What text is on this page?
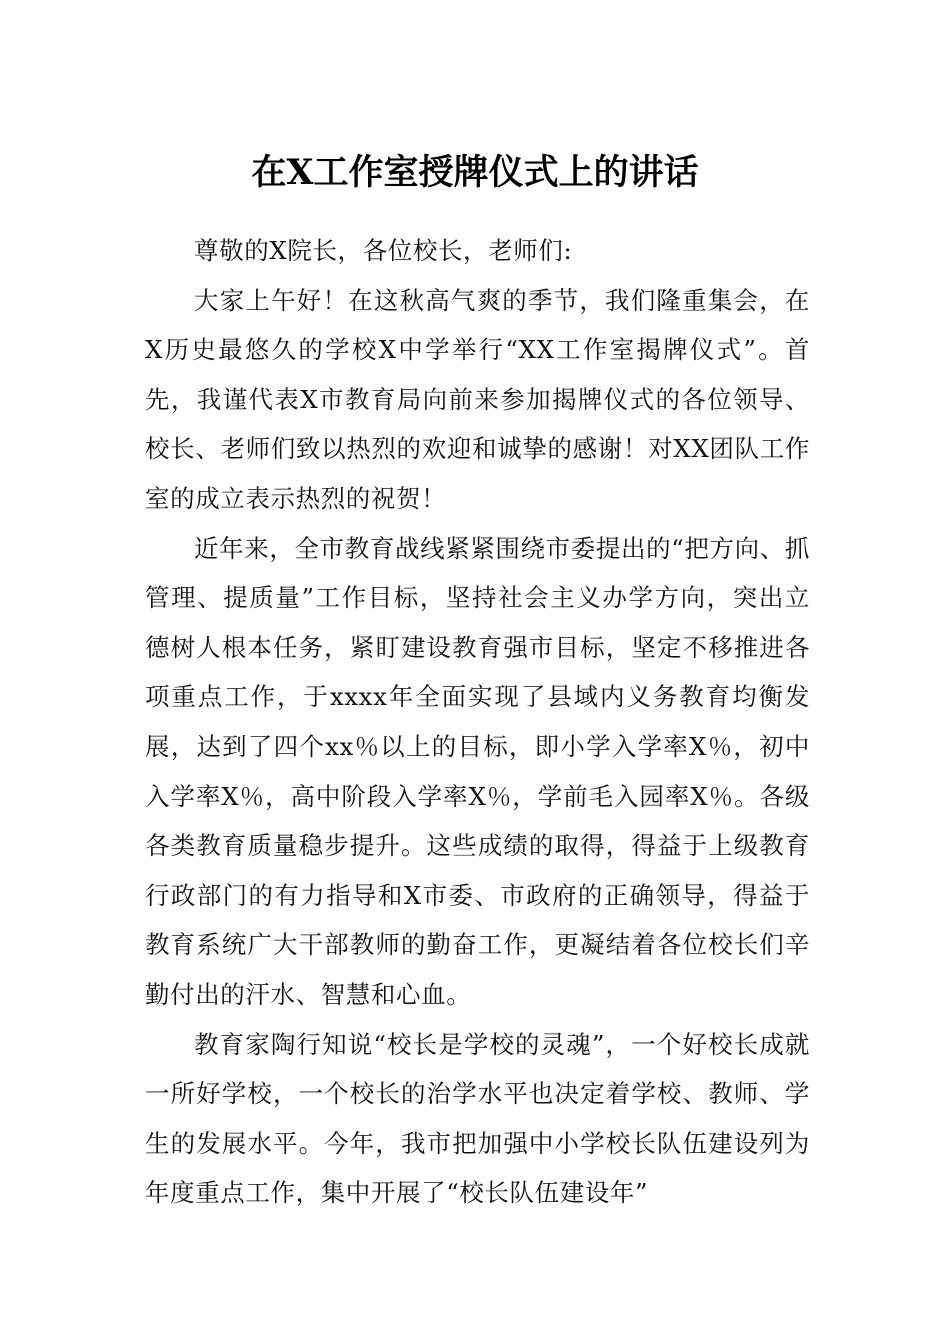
在X工作室授牌仪式上的讲话

尊敬的X院长，各位校长，老师们:

大家上午好！在这秋高气爽的季节，我们隆重集会，在X历史最悠久的学校X中学举行“XX工作室揭牌仪式”。首先，我谨代表X市教育局向前来参加揭牌仪式的各位领导、校长、老师们致以热烈的欢迎和诚挚的感谢！对XX团队工作室的成立表示热烈的祝贺！

近年来，全市教育战线紧紧围绕市委提出的“把方向、抓管理、提质量”工作目标，坚持社会主义办学方向，突出立德树人根本任务，紧盯建设教育强市目标，坚定不移推进各项重点工作，于xxxx年全面实现了县域内义务教育均衡发展，达到了四个xx％以上的目标，即小学入学率X％，初中入学率X％，高中阶段入学率X％，学前毛入园率X％。各级各类教育质量稳步提升。这些成绩的取得，得益于上级教育行政部门的有力指导和X市委、市政府的正确领导，得益于教育系统广大干部教师的勤奋工作，更凝结着各位校长们辛勤付出的汗水、智慧和心血。

教育家陶行知说“校长是学校的灵魂”，一个好校长成就一所好学校，一个校长的治学水平也决定着学校、教师、学生的发展水平。今年，我市把加强中小学校长队伍建设列为年度重点工作，集中开展了“校长队伍建设年”
